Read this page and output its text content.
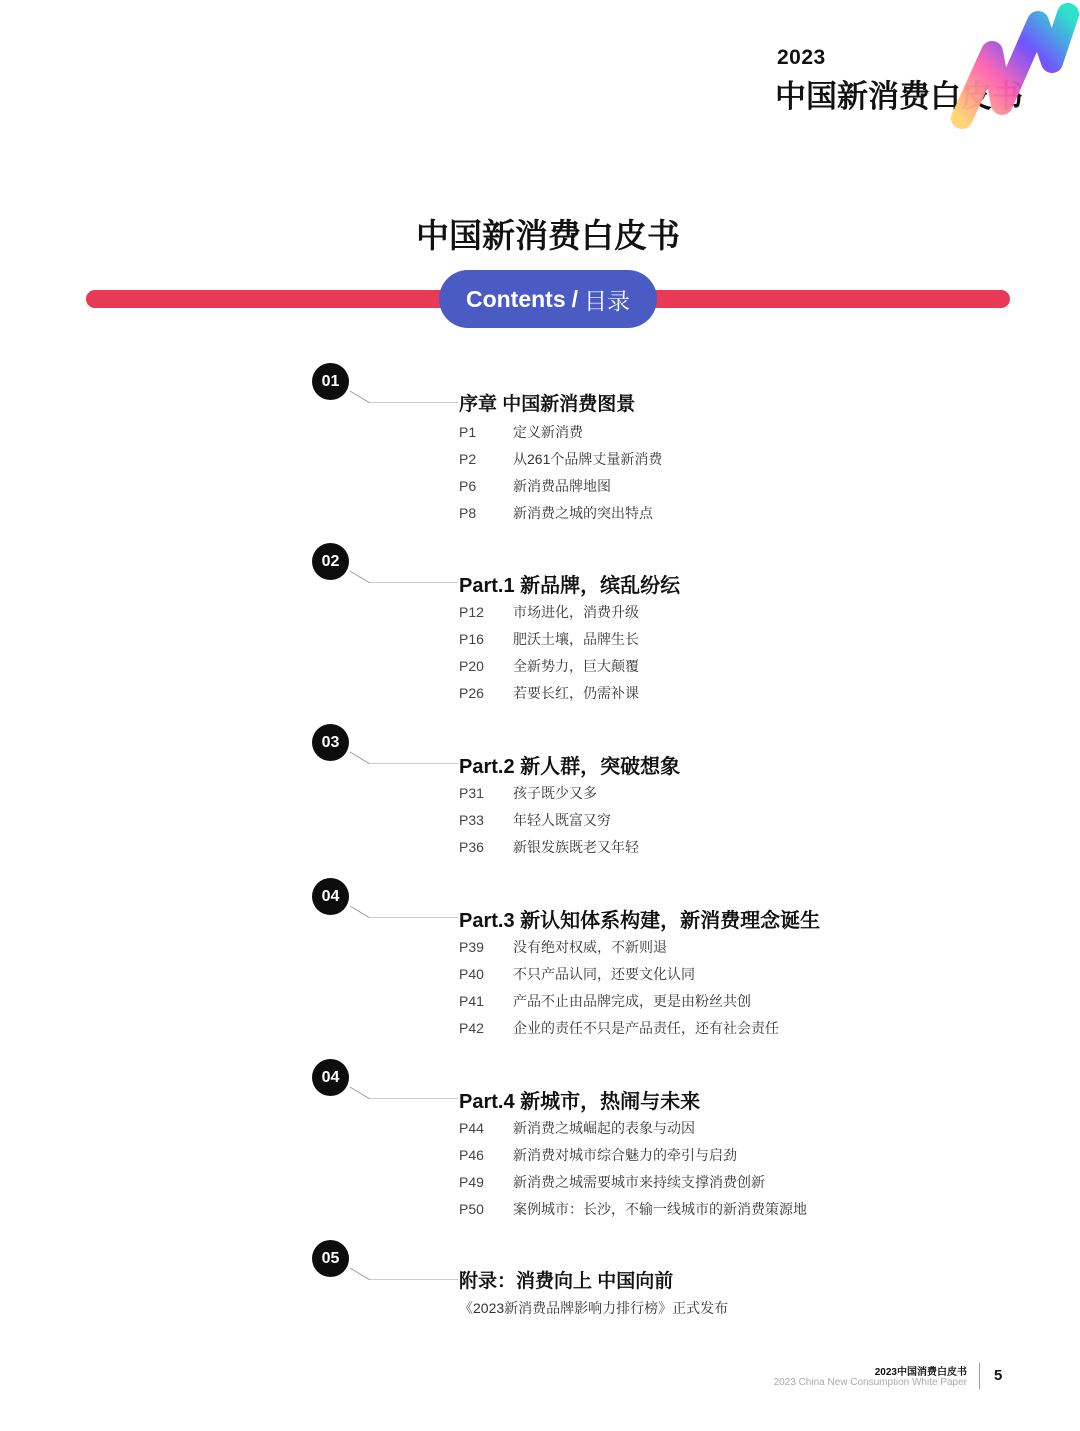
2023
中国新消费白皮书
中国新消费白皮书
Contents / 目录
01
序章 中国新消费图景
P1	定义新消费
P2	从261个品牌丈量新消费
P6	新消费品牌地图
P8	新消费之城的突出特点
02
Part.1 新品牌，缤乱纷纭
P12	市场进化，消费升级
P16	肥沃土壤，品牌生长
P20	全新势力，巨大颠覆
P26	若要长红，仍需补课
03
Part.2 新人群，突破想象
P31	孩子既少又多
P33	年轻人既富又穷
P36	新银发族既老又年轻
04
Part.3 新认知体系构建，新消费理念诞生
P39	没有绝对权威，不新则退
P40	不只产品认同，还要文化认同
P41	产品不止由品牌完成，更是由粉丝共创
P42	企业的责任不只是产品责任，还有社会责任
04
Part.4 新城市，热闹与未来
P44	新消费之城崛起的表象与动因
P46	新消费对城市综合魅力的牵引与启劲
P49	新消费之城需要城市来持续支撑消费创新
P50	案例城市：长沙，不输一线城市的新消费策源地
05
附录：消费向上 中国向前
《2023新消费品牌影响力排行榜》正式发布
2023中国消费白皮书
2023 China New Consumption White Paper 5
